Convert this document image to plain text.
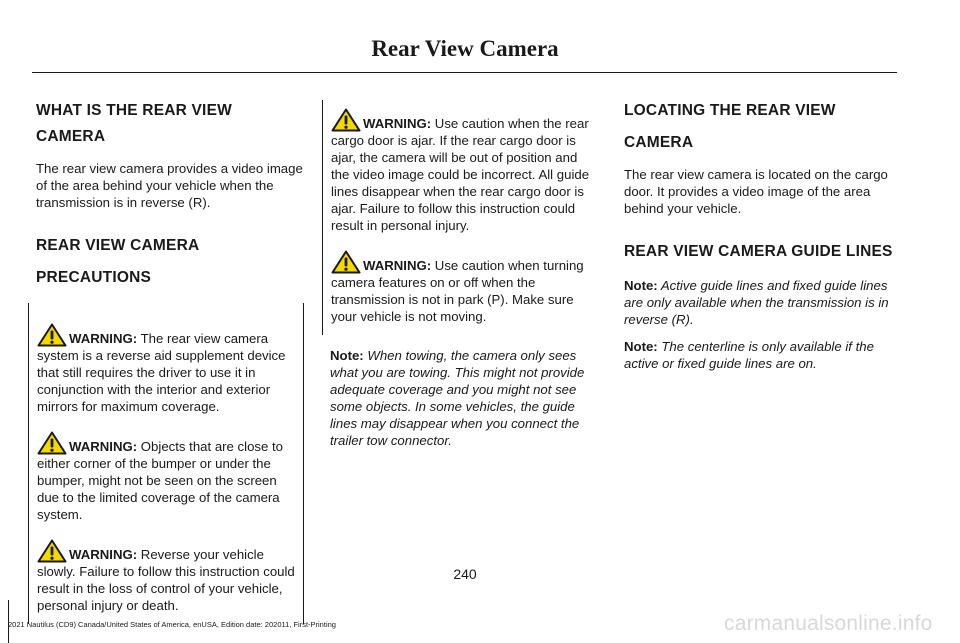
Rear View Camera
WHAT IS THE REAR VIEW CAMERA

The rear view camera provides a video image of the area behind your vehicle when the transmission is in reverse (R).

REAR VIEW CAMERA
PRECAUTIONS
WARNING: The rear view camera system is a reverse aid supplement device that still requires the driver to use it in conjunction with the interior and exterior mirrors for maximum coverage.
WARNING: Objects that are close to either corner of the bumper or under the bumper, might not be seen on the screen due to the limited coverage of the camera system.
WARNING: Reverse your vehicle slowly. Failure to follow this instruction could result in the loss of control of your vehicle, personal injury or death.
WARNING: Use caution when the rear cargo door is ajar. If the rear cargo door is ajar, the camera will be out of position and the video image could be incorrect. All guide lines disappear when the rear cargo door is ajar. Failure to follow this instruction could result in personal injury.
WARNING: Use caution when turning camera features on or off when the transmission is not in park (P). Make sure your vehicle is not moving.

Note: When towing, the camera only sees what you are towing. This might not provide adequate coverage and you might not see some objects. In some vehicles, the guide lines may disappear when you connect the trailer tow connector.

LOCATING THE REAR VIEW
CAMERA

The rear view camera is located on the cargo door. It provides a video image of the area behind your vehicle.

REAR VIEW CAMERA GUIDE LINES

Note: Active guide lines and fixed guide lines are only available when the transmission is in reverse (R).

Note: The centerline is only available if the active or fixed guide lines are on.

240
2021 Nautilus (CD9) Canada/United States of America, enUSA, Edition date: 202011, First-Printing	carmanualsonline.info
